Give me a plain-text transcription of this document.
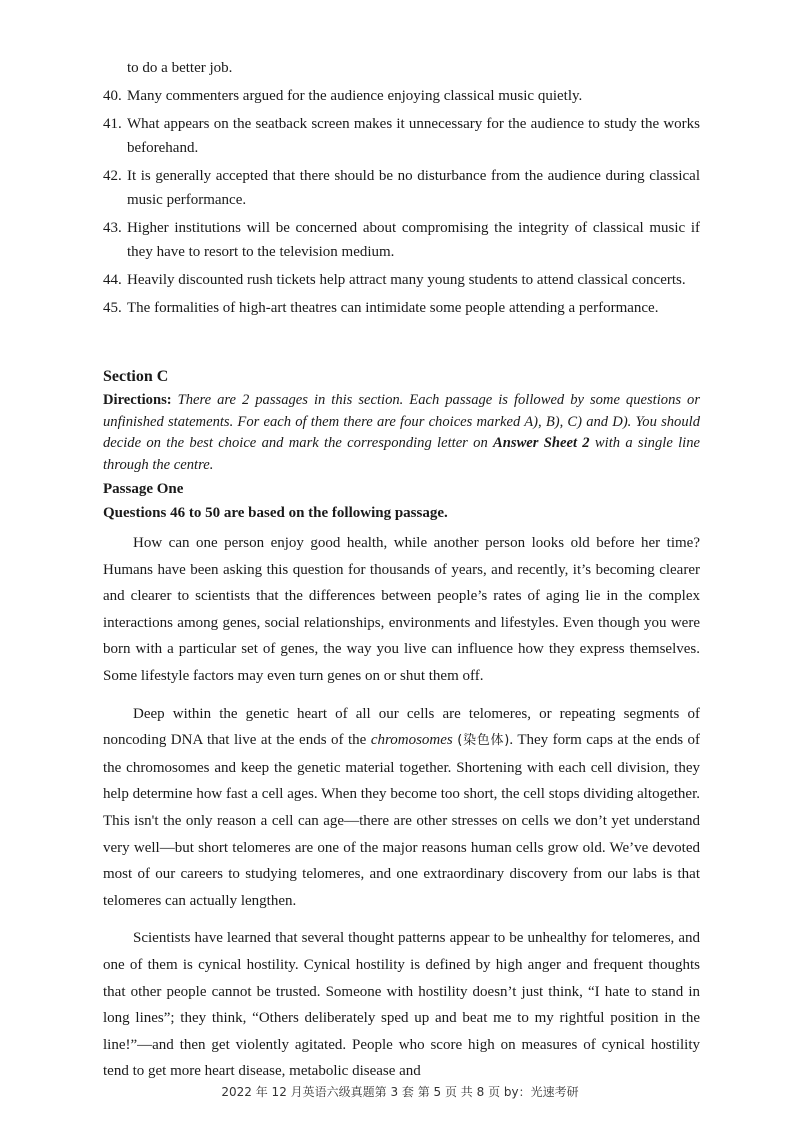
to do a better job.
40. Many commenters argued for the audience enjoying classical music quietly.
41. What appears on the seatback screen makes it unnecessary for the audience to study the works beforehand.
42. It is generally accepted that there should be no disturbance from the audience during classical music performance.
43. Higher institutions will be concerned about compromising the integrity of classical music if they have to resort to the television medium.
44. Heavily discounted rush tickets help attract many young students to attend classical concerts.
45. The formalities of high-art theatres can intimidate some people attending a performance.
Section C
Directions: There are 2 passages in this section. Each passage is followed by some questions or unfinished statements. For each of them there are four choices marked A), B), C) and D). You should decide on the best choice and mark the corresponding letter on Answer Sheet 2 with a single line through the centre.
Passage One
Questions 46 to 50 are based on the following passage.

How can one person enjoy good health, while another person looks old before her time? Humans have been asking this question for thousands of years, and recently, it’s becoming clearer and clearer to scientists that the differences between people’s rates of aging lie in the complex interactions among genes, social relationships, environments and lifestyles. Even though you were born with a particular set of genes, the way you live can influence how they express themselves. Some lifestyle factors may even turn genes on or shut them off.

Deep within the genetic heart of all our cells are telomeres, or repeating segments of noncoding DNA that live at the ends of the chromosomes (染色体). They form caps at the ends of the chromosomes and keep the genetic material together. Shortening with each cell division, they help determine how fast a cell ages. When they become too short, the cell stops dividing altogether. This isn't the only reason a cell can age—there are other stresses on cells we don’t yet understand very well—but short telomeres are one of the major reasons human cells grow old. We’ve devoted most of our careers to studying telomeres, and one extraordinary discovery from our labs is that telomeres can actually lengthen.

Scientists have learned that several thought patterns appear to be unhealthy for telomeres, and one of them is cynical hostility. Cynical hostility is defined by high anger and frequent thoughts that other people cannot be trusted. Someone with hostility doesn’t just think, “I hate to stand in long lines”; they think, “Others deliberately sped up and beat me to my rightful position in the line!”—and then get violently agitated. People who score high on measures of cynical hostility tend to get more heart disease, metabolic disease and

2022 年 12 月英语六级真题第 3 套 第 5 页 共 8 页 by：光速考研
